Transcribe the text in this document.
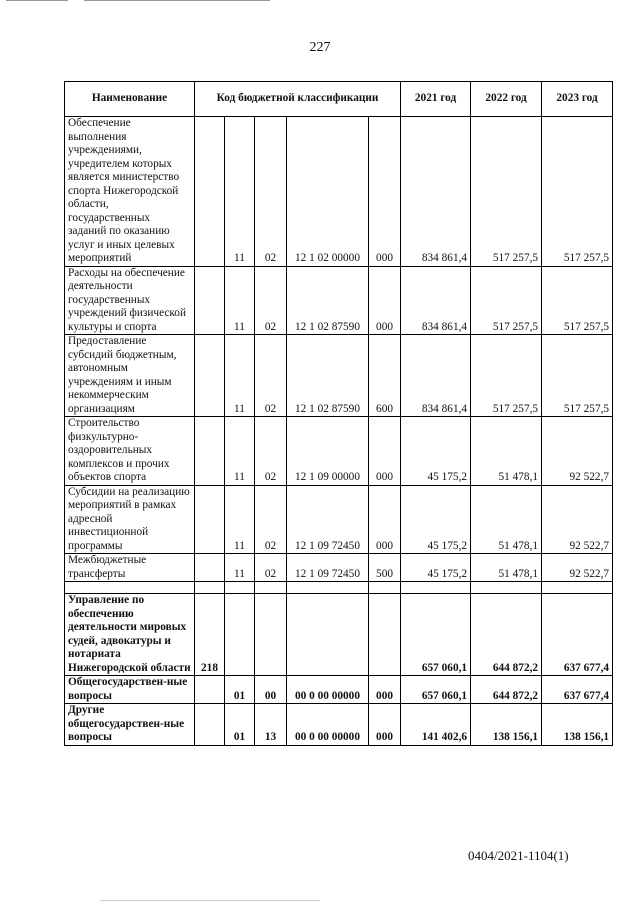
227
Наименование	Код бюджетной классификации					2021 год	2022 год	2023 год
Обеспечение выполнения учреждениями, учредителем которых является министерство спорта Нижегородской области, государственных заданий по оказанию услуг и иных целевых мероприятий		11	02	12 1 02 00000	000	834 861,4	517 257,5	517 257,5
Расходы на обеспечение деятельности государственных учреждений физической культуры и спорта		11	02	12 1 02 87590	000	834 861,4	517 257,5	517 257,5
Предоставление субсидий бюджетным, автономным учреждениям и иным некоммерческим организациям		11	02	12 1 02 87590	600	834 861,4	517 257,5	517 257,5
Строительство физкультурно-оздоровительных комплексов и прочих объектов спорта		11	02	12 1 09 00000	000	45 175,2	51 478,1	92 522,7
Субсидии на реализацию мероприятий в рамках адресной инвестиционной программы		11	02	12 1 09 72450	000	45 175,2	51 478,1	92 522,7
Межбюджетные трансферты		11	02	12 1 09 72450	500	45 175,2	51 478,1	92 522,7

Управление по обеспечению деятельности мировых судей, адвокатуры и нотариата Нижегородской области	218					657 060,1	644 872,2	637 677,4
Общегосударствен-ные вопросы		01	00	00 0 00 00000	000	657 060,1	644 872,2	637 677,4
Другие общегосударствен-ные вопросы		01	13	00 0 00 00000	000	141 402,6	138 156,1	138 156,1
0404/2021-1104(1)
